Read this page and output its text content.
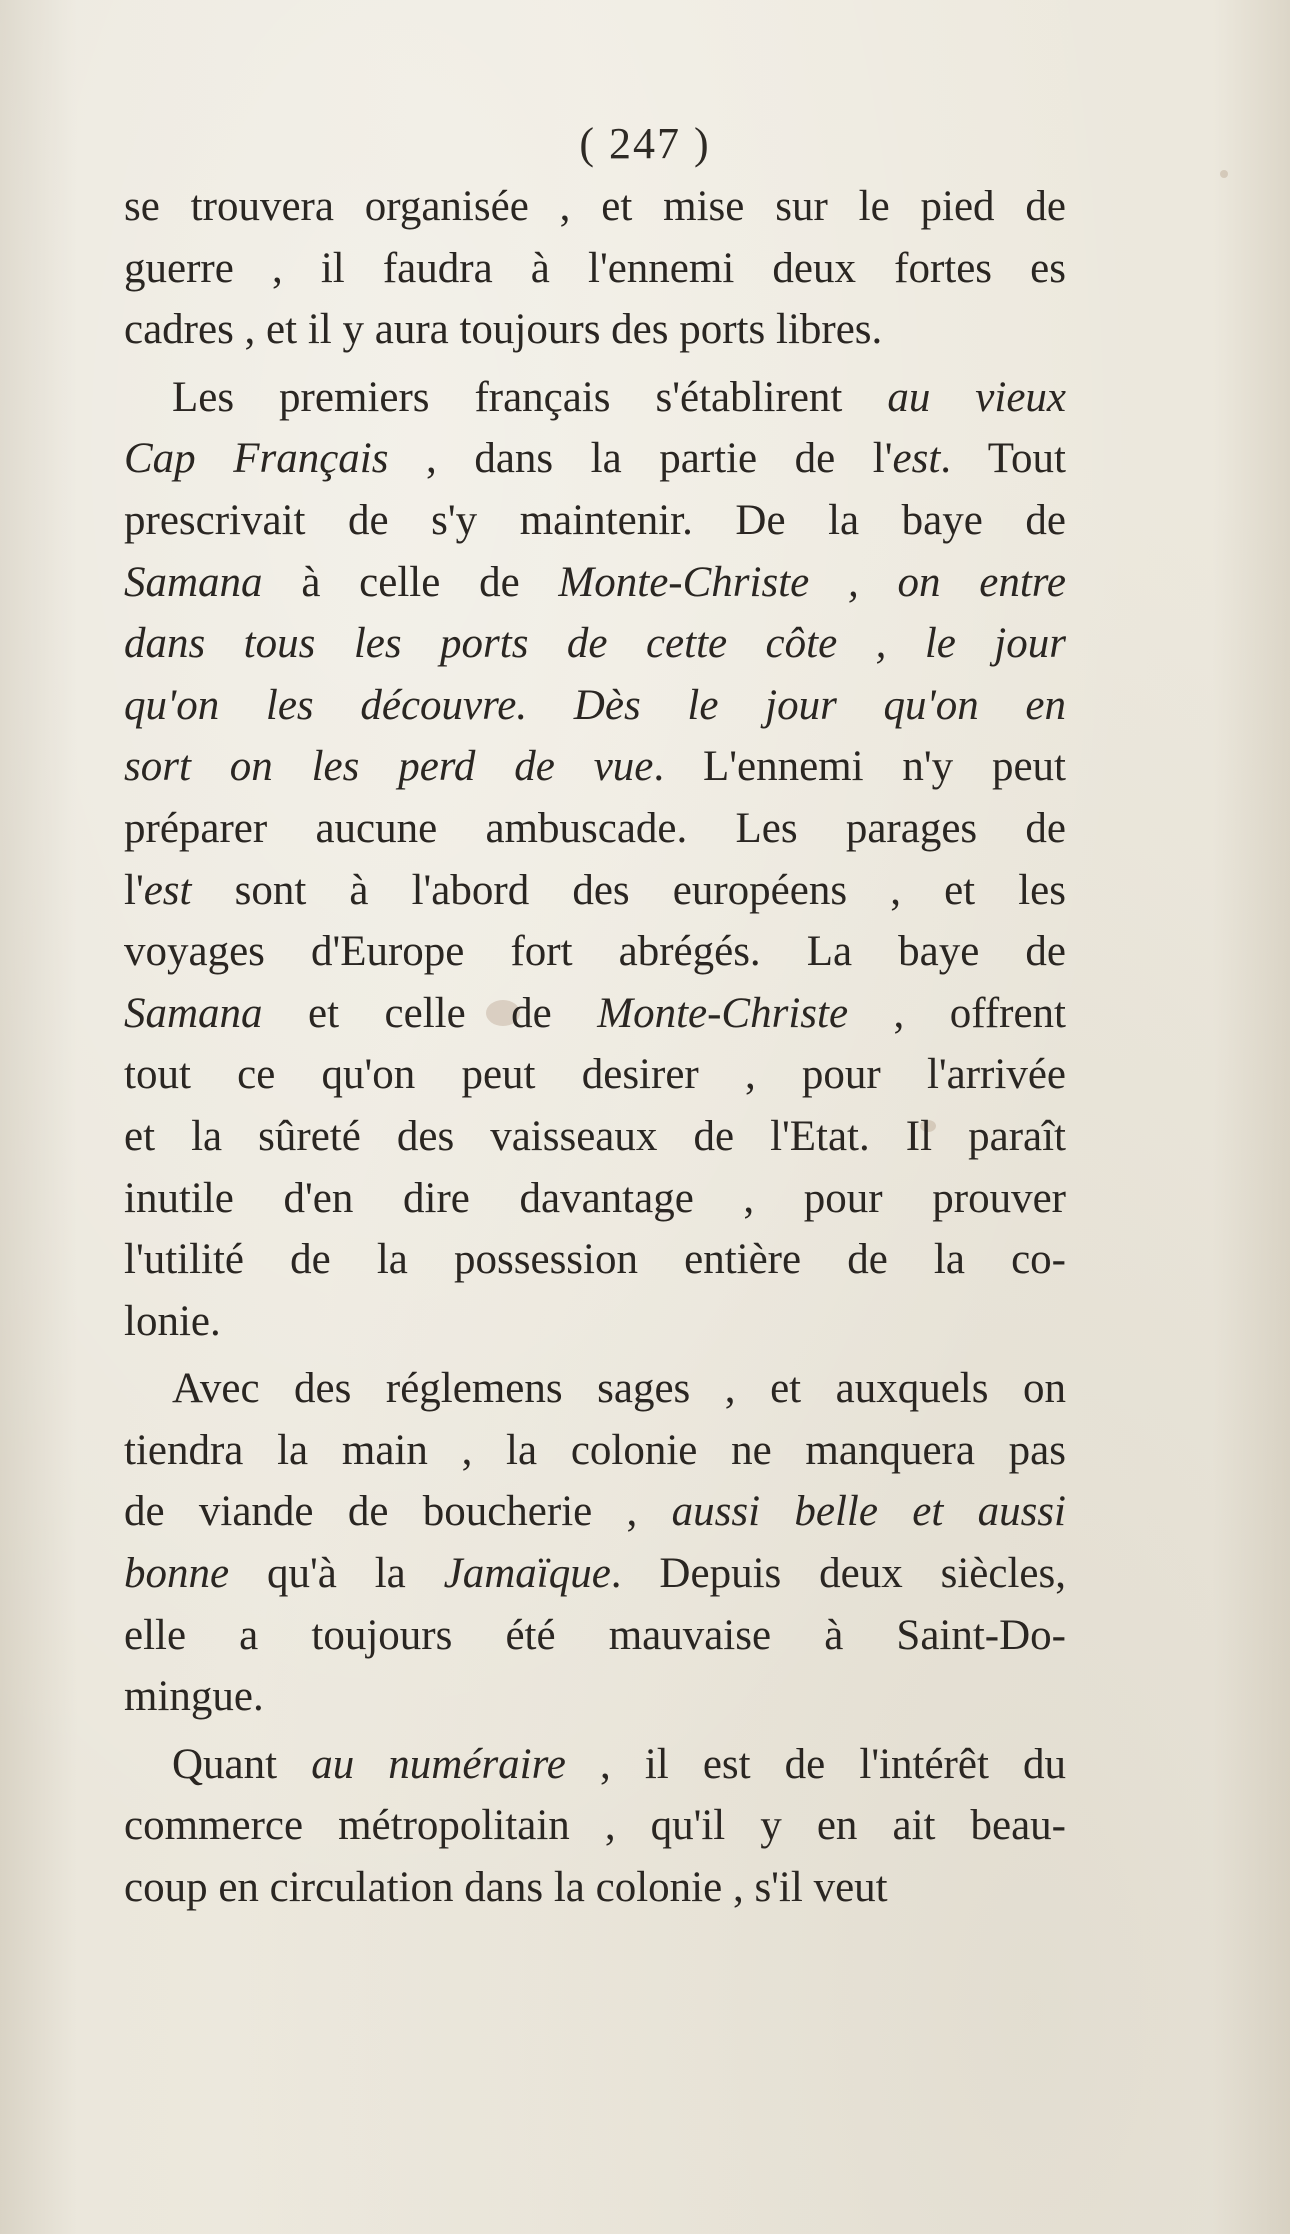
( 247 )
se trouvera organisée , et mise sur le pied de
guerre , il faudra à l'ennemi deux fortes es
cadres , et il y aura toujours des ports libres.
Les premiers français s'établirent au vieux
Cap Français , dans la partie de l'est. Tout
prescrivait de s'y maintenir. De la baye de
Samana à celle de Monte-Christe , on entre
dans tous les ports de cette côte , le jour
qu'on les découvre. Dès le jour qu'on en
sort on les perd de vue. L'ennemi n'y peut
préparer aucune ambuscade. Les parages de
l'est sont à l'abord des européens , et les
voyages d'Europe fort abrégés. La baye de
Samana et celle de Monte-Christe , offrent
tout ce qu'on peut desirer , pour l'arrivée
et la sûreté des vaisseaux de l'Etat. Il paraît
inutile d'en dire davantage , pour prouver
l'utilité de la possession entière de la co-
lonie.
Avec des réglemens sages , et auxquels on
tiendra la main , la colonie ne manquera pas
de viande de boucherie , aussi belle et aussi
bonne qu'à la Jamaïque. Depuis deux siècles,
elle a toujours été mauvaise à Saint-Do-
mingue.
Quant au numéraire , il est de l'intérêt du
commerce métropolitain , qu'il y en ait beau-
coup en circulation dans la colonie , s'il veut
